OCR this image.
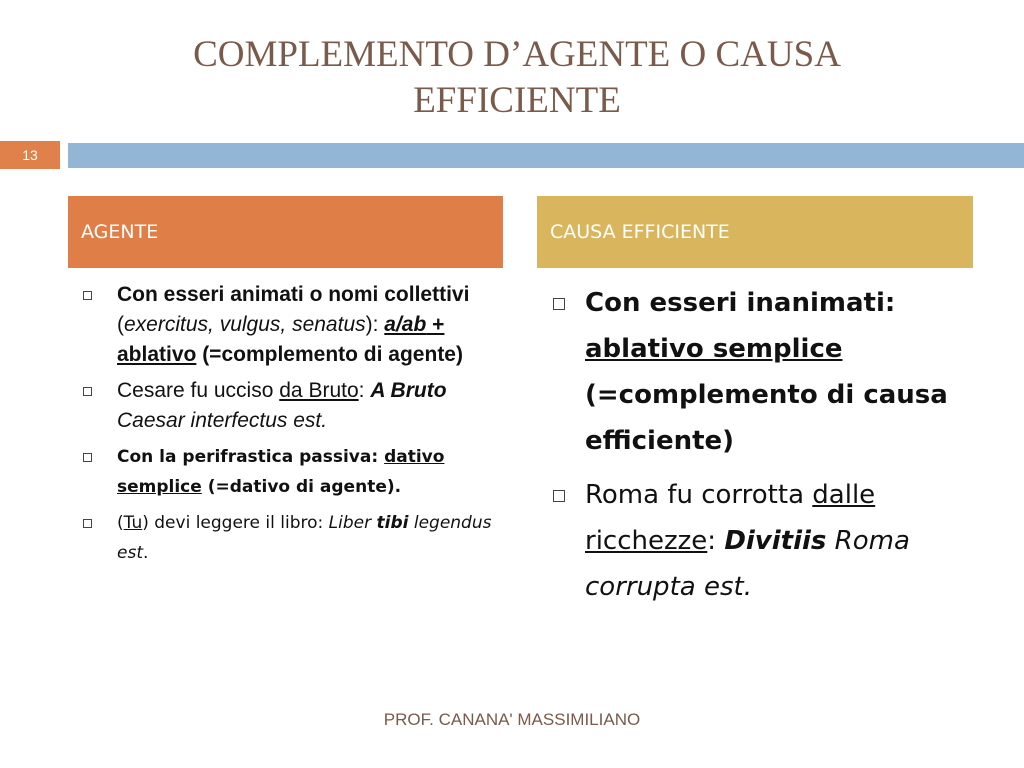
COMPLEMENTO D’AGENTE O CAUSA
EFFICIENTE
13
AGENTE	CAUSA EFFICIENTE
Con esseri animati o nomi collettivi (exercitus, vulgus, senatus): a/ab + ablativo (=complemento di agente)
Cesare fu ucciso da Bruto: A Bruto Caesar interfectus est.
Con la perifrastica passiva: dativo semplice (=dativo di agente).
(Tu) devi leggere il libro: Liber tibi legendus est.
Con esseri inanimati: ablativo semplice (=complemento di causa efficiente)
Roma fu corrotta dalle ricchezze: Divitiis Roma corrupta est.
PROF. CANANA' MASSIMILIANO
